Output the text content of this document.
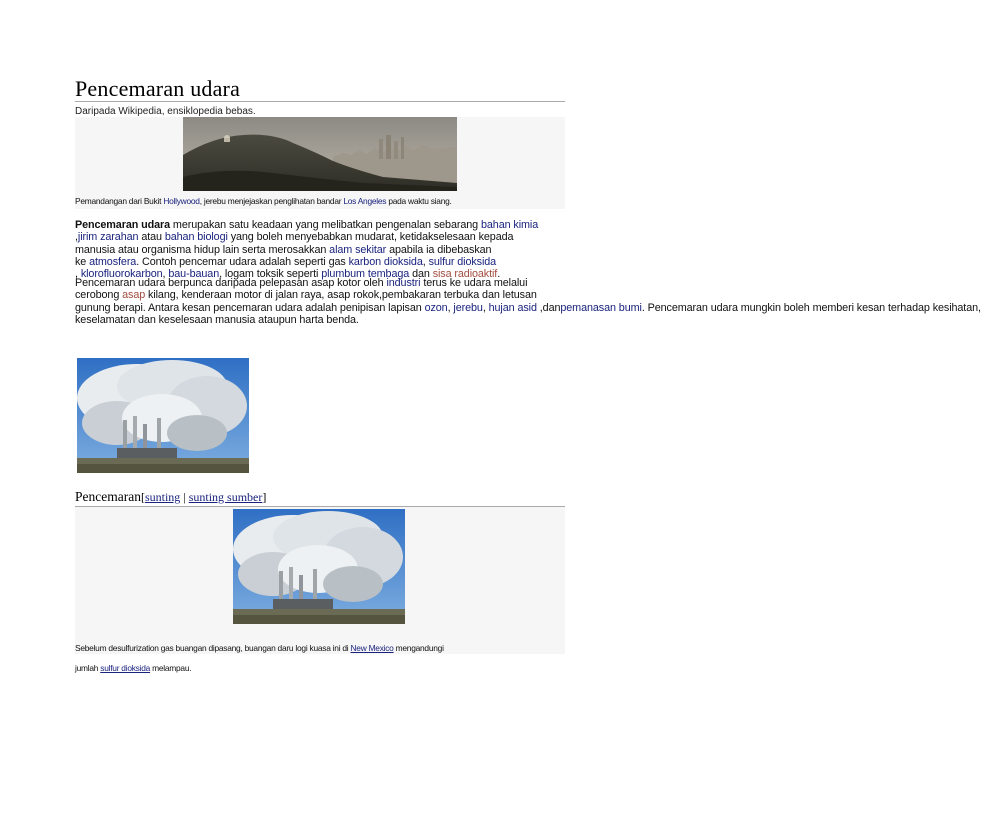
Pencemaran udara
Daripada Wikipedia, ensiklopedia bebas.
Pemandangan dari Bukit Hollywood, jerebu menjejaskan penglihatan bandar Los Angeles pada waktu siang.
Pencemaran udara merupakan satu keadaan yang melibatkan pengenalan sebarang bahan kimia
,jirim zarahan atau bahan biologi yang boleh menyebabkan mudarat, ketidakselesaan kepada
manusia atau organisma hidup lain serta merosakkan alam sekitar apabila ia dibebaskan
ke atmosfera. Contoh pencemar udara adalah seperti gas karbon dioksida, sulfur dioksida
, klorofluorokarbon, bau-bauan, logam toksik seperti plumbum tembaga dan sisa radioaktif.
Pencemaran udara berpunca daripada pelepasan asap kotor oleh industri terus ke udara melalui
cerobong asap kilang, kenderaan motor di jalan raya, asap rokok,pembakaran terbuka dan letusan
gunung berapi. Antara kesan pencemaran udara adalah penipisan lapisan ozon, jerebu, hujan asid ,danpemanasan bumi. Pencemaran udara mungkin boleh memberi kesan terhadap kesihatan,
keselamatan dan keselesaan manusia ataupun harta benda.
Pencemaran[sunting | sunting sumber]
Sebelum desulfurization gas buangan dipasang, buangan daru logi kuasa ini di New Mexico mengandungi
jumlah sulfur dioksida melampau.
